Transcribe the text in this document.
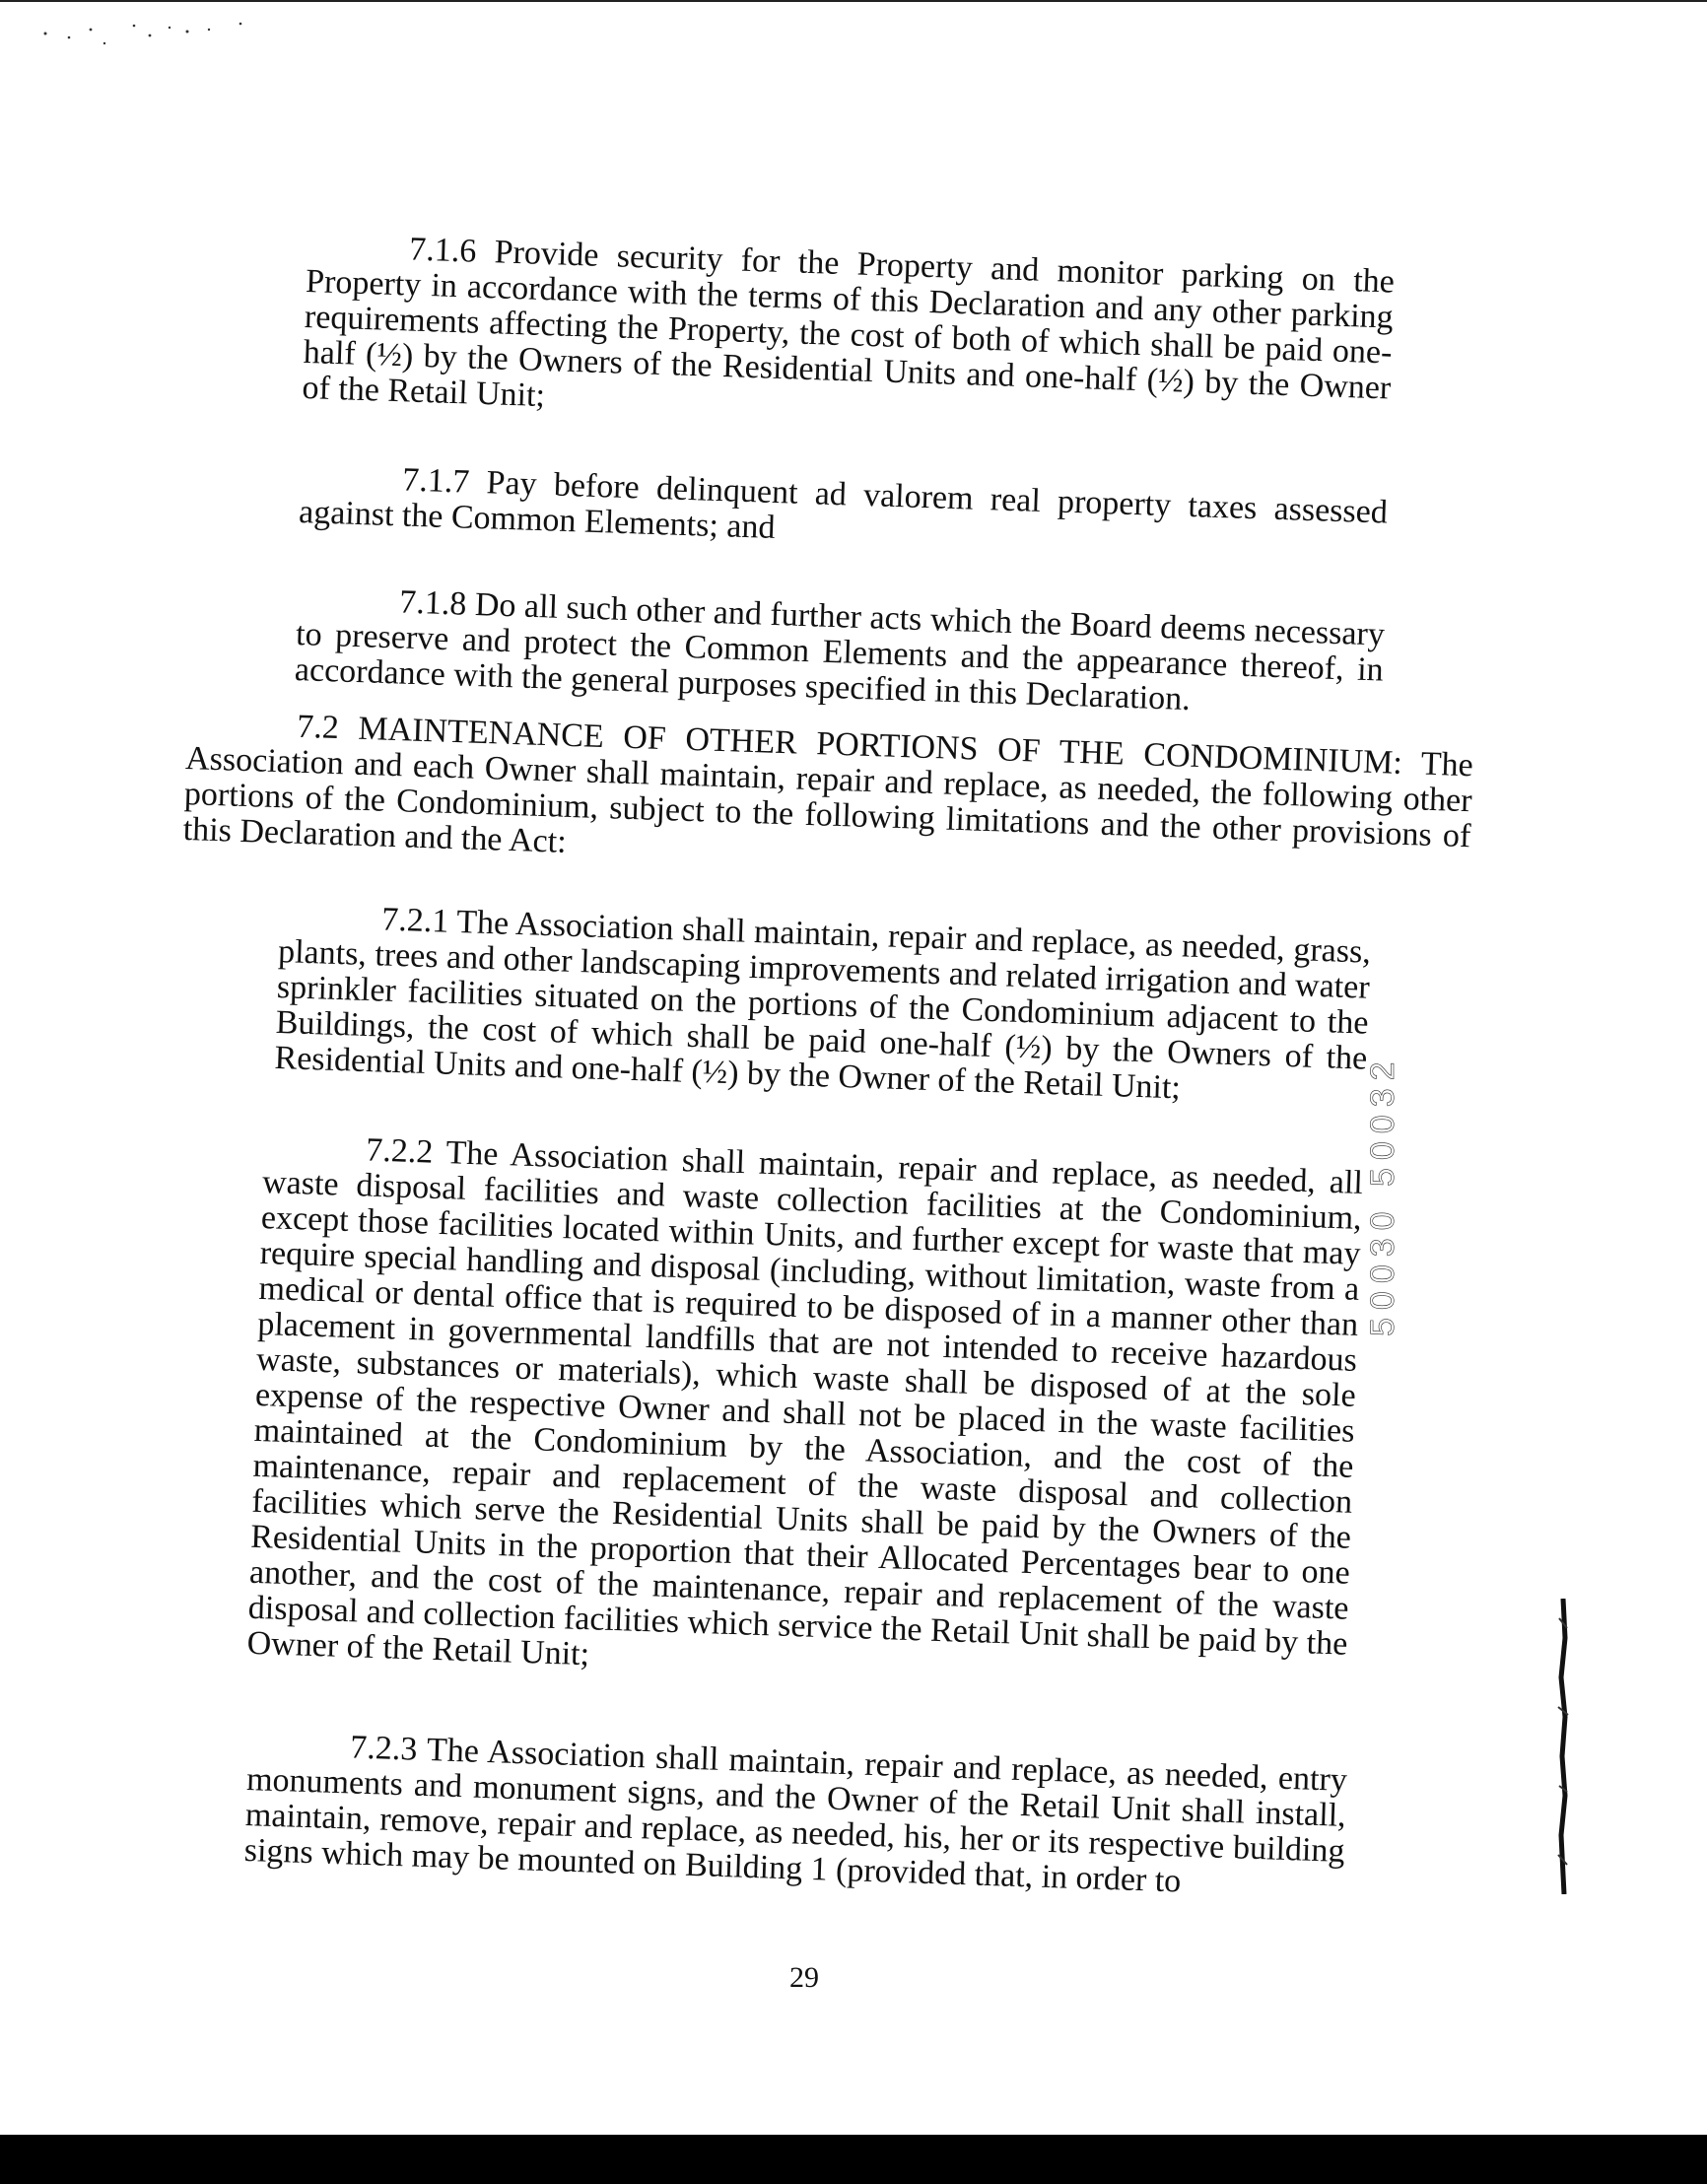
7.1.6 Provide security for the Property and monitor parking on the Property in accordance with the terms of this Declaration and any other parking requirements affecting the Property, the cost of both of which shall be paid one-half (½) by the Owners of the Residential Units and one-half (½) by the Owner of the Retail Unit;

7.1.7 Pay before delinquent ad valorem real property taxes assessed against the Common Elements; and

7.1.8 Do all such other and further acts which the Board deems necessary to preserve and protect the Common Elements and the appearance thereof, in accordance with the general purposes specified in this Declaration.

7.2 MAINTENANCE OF OTHER PORTIONS OF THE CONDOMINIUM: The Association and each Owner shall maintain, repair and replace, as needed, the following other portions of the Condominium, subject to the following limitations and the other provisions of this Declaration and the Act:

7.2.1 The Association shall maintain, repair and replace, as needed, grass, plants, trees and other landscaping improvements and related irrigation and water sprinkler facilities situated on the portions of the Condominium adjacent to the Buildings, the cost of which shall be paid one-half (½) by the Owners of the Residential Units and one-half (½) by the Owner of the Retail Unit;

7.2.2 The Association shall maintain, repair and replace, as needed, all waste disposal facilities and waste collection facilities at the Condominium, except those facilities located within Units, and further except for waste that may require special handling and disposal (including, without limitation, waste from a medical or dental office that is required to be disposed of in a manner other than placement in governmental landfills that are not intended to receive hazardous waste, substances or materials), which waste shall be disposed of at the sole expense of the respective Owner and shall not be placed in the waste facilities maintained at the Condominium by the Association, and the cost of the maintenance, repair and replacement of the waste disposal and collection facilities which serve the Residential Units shall be paid by the Owners of the Residential Units in the proportion that their Allocated Percentages bear to one another, and the cost of the maintenance, repair and replacement of the waste disposal and collection facilities which service the Retail Unit shall be paid by the Owner of the Retail Unit;

7.2.3 The Association shall maintain, repair and replace, as needed, entry monuments and monument signs, and the Owner of the Retail Unit shall install, maintain, remove, repair and replace, as needed, his, her or its respective building signs which may be mounted on Building 1 (provided that, in order to

29
50030 50032
